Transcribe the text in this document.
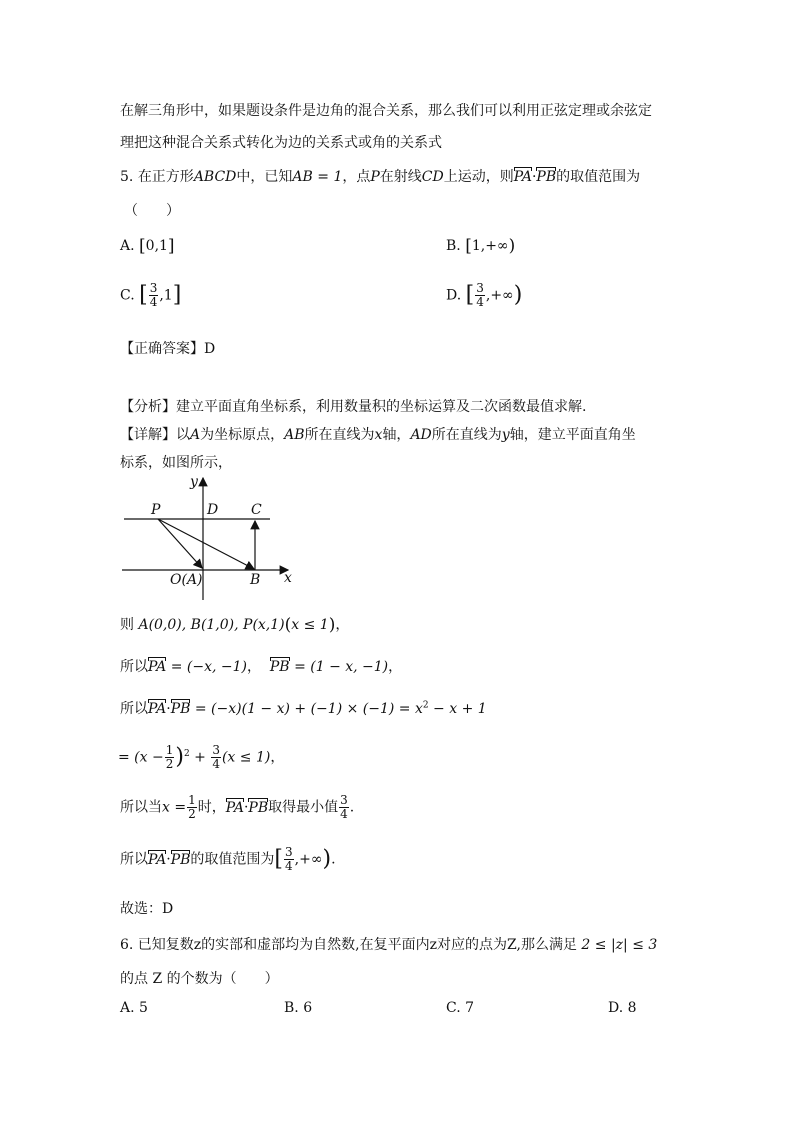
在解三角形中，如果题设条件是边角的混合关系，那么我们可以利用正弦定理或余弦定
理把这种混合关系式转化为边的关系式或角的关系式
5. 在正方形ABCD中，已知AB = 1，点P在射线CD上运动，则PA·PB的取值范围为
（　　）
A. [0,1]	B. [1,+∞)
C. [ $\frac{3}{4} ,1$]	D. [ $\frac{3}{4}$ ,+∞)
【正确答案】D
【分析】建立平面直角坐标系，利用数量积的坐标运算及二次函数最值求解.
【详解】以A为坐标原点，AB所在直线为x轴，AD所在直线为y轴，建立平面直角坐
标系，如图所示，
y
x
P	D C
O(A)	B
则 A(0,0), B(1,0), P(x,1)(x ≤ 1)，
所以PA = (−x, −1)，  PB = (1 − x, −1)，
所以$PA\cdot PB = (-x)(1 - x) + (-1) \times (-1) = x^2 - x + 1$
= $(x - \frac{1}{2} )^2 + \frac{3}{4} (x \le 1)$，
所以当$x = \frac{1}{2}$ 时，PA·PB取得最小值 $\frac{3}{4}$ .
所以PA·PB的取值范围为[ $\frac{3}{4}$ ,+∞).
故选：D
6. 已知复数z的实部和虚部均为自然数,在复平面内z对应的点为Z,那么满足 2 ≤ |z| ≤ 3
的点 Z 的个数为（　　）
A. 5	B. 6	C. 7	D. 8
